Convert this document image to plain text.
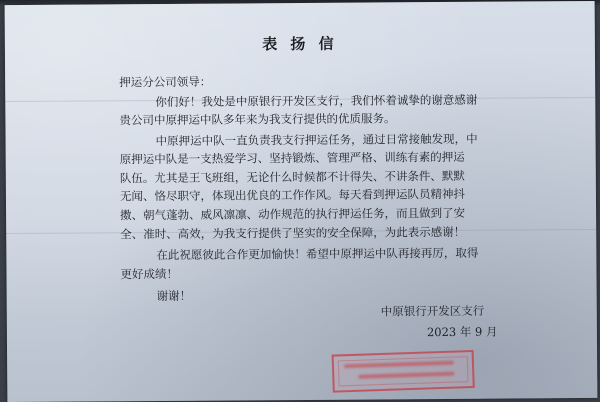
表 扬 信
押运分公司领导：
你们好！我处是中原银行开发区支行，我们怀着诚挚的谢意感谢
贵公司中原押运中队多年来为我支行提供的优质服务。
中原押运中队一直负责我支行押运任务，通过日常接触发现，中
原押运中队是一支热爱学习、坚持锻炼、管理严格、训练有素的押运
队伍。尤其是王飞班组，无论什么时候都不计得失、不讲条件、默默
无闻、恪尽职守，体现出优良的工作作风。每天看到押运队员精神抖
擞、朝气蓬勃、威风凛凛、动作规范的执行押运任务，而且做到了安
全、准时、高效，为我支行提供了坚实的安全保障，为此表示感谢！
在此祝愿彼此合作更加愉快！希望中原押运中队再接再厉，取得
更好成绩！
谢谢！
中原银行开发区支行
2023 年 9 月
